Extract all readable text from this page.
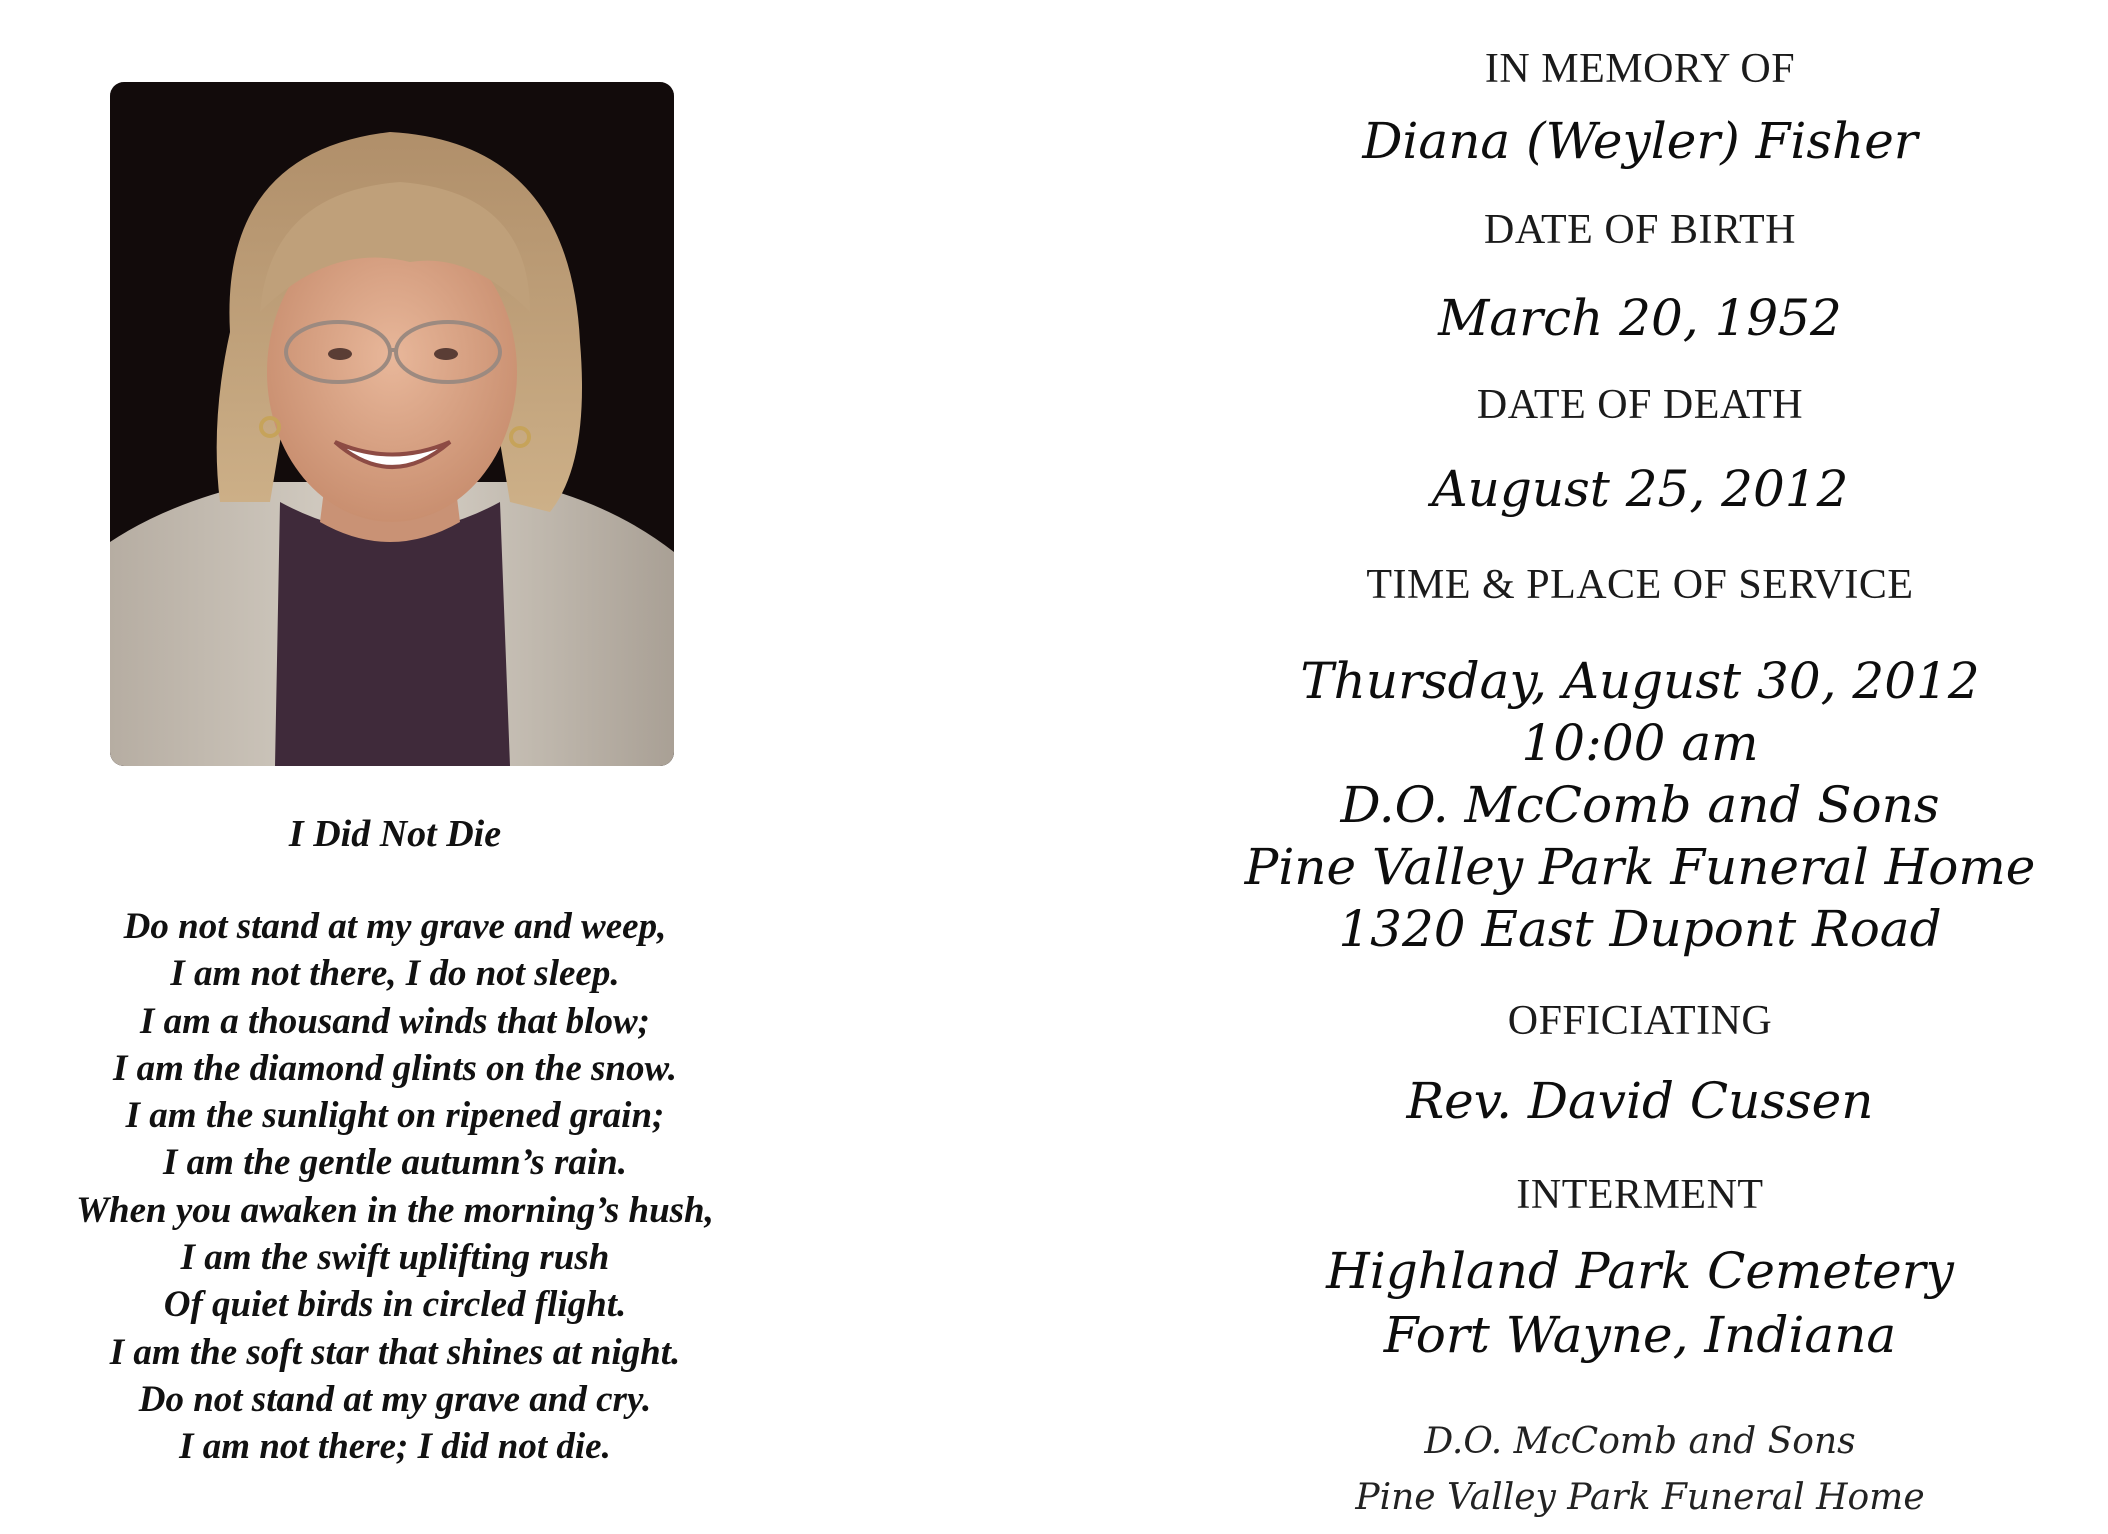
I Did Not Die
Do not stand at my grave and weep,
I am not there, I do not sleep.
I am a thousand winds that blow;
I am the diamond glints on the snow.
I am the sunlight on ripened grain;
I am the gentle autumn’s rain.
When you awaken in the morning’s hush,
I am the swift uplifting rush
Of quiet birds in circled flight.
I am the soft star that shines at night.
Do not stand at my grave and cry.
I am not there; I did not die.
IN MEMORY OF
Diana (Weyler) Fisher
DATE OF BIRTH
March 20, 1952
DATE OF DEATH
August 25, 2012
TIME & PLACE OF SERVICE
Thursday, August 30, 2012
10:00 am
D.O. McComb and Sons
Pine Valley Park Funeral Home
1320 East Dupont Road
OFFICIATING
Rev. David Cussen
INTERMENT
Highland Park Cemetery
Fort Wayne, Indiana
D.O. McComb and Sons
Pine Valley Park Funeral Home
